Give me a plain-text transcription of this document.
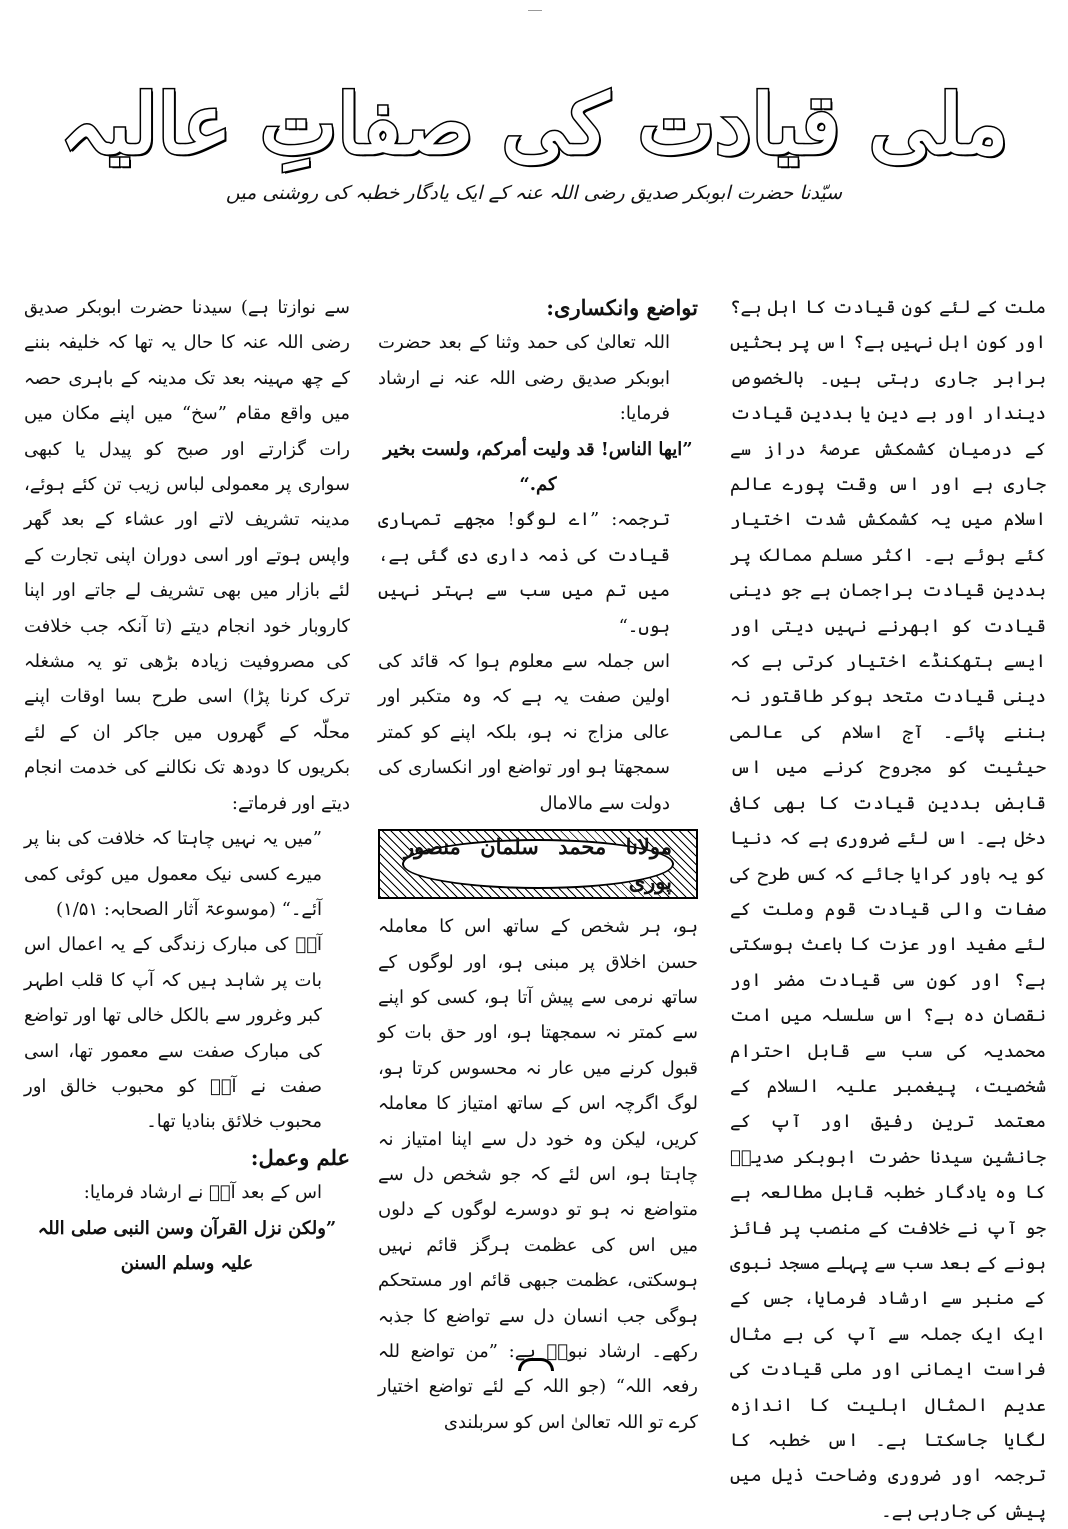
ملی قیادت کی صفاتِ عالیہ
سیّدنا حضرت ابوبکر صدیق رضی اللہ عنہ کے ایک یادگار خطبہ کی روشنی میں

ملت کے لئے کون قیادت کا اہل ہے؟ اور کون اہل نہیں ہے؟ اس پر بحثیں برابر جاری رہتی ہیں۔ بالخصوص دیندار اور بے دین یا بددین قیادت کے درمیان کشمکش عرصۂ دراز سے جاری ہے اور اس وقت پورے عالم اسلام میں یہ کشمکش شدت اختیار کئے ہوئے ہے۔ اکثر مسلم ممالک پر بددین قیادت براجمان ہے جو دینی قیادت کو ابھرنے نہیں دیتی اور ایسے ہتھکنڈے اختیار کرتی ہے کہ دینی قیادت متحد ہوکر طاقتور نہ بننے پائے۔ آج اسلام کی عالمی حیثیت کو مجروح کرنے میں اس قابض بددین قیادت کا بھی کافی دخل ہے۔ اس لئے ضروری ہے کہ دنیا کو یہ باور کرایا جائے کہ کس طرح کی صفات والی قیادت قوم وملت کے لئے مفید اور عزت کا باعث ہوسکتی ہے؟ اور کون سی قیادت مضر اور نقصان دہ ہے؟ اس سلسلہ میں امت محمدیہ کی سب سے قابل احترام شخصیت، پیغمبر علیہ السلام کے معتمد ترین رفیق اور آپ کے جانشین سیدنا حضرت ابوبکر صدیقؓ کا وہ یادگار خطبہ قابل مطالعہ ہے جو آپ نے خلافت کے منصب پر فائز ہونے کے بعد سب سے پہلے مسجد نبوی کے منبر سے ارشاد فرمایا، جس کے ایک ایک جملہ سے آپ کی بے مثال فراست ایمانی اور ملی قیادت کی عدیم المثال اہلیت کا اندازہ لگایا جاسکتا ہے۔ اس خطبہ کا ترجمہ اور ضروری وضاحت ذیل میں پیش کی جارہی ہے۔

تواضع وانکساری:
اللہ تعالیٰ کی حمد وثنا کے بعد حضرت ابوبکر صدیق رضی اللہ عنہ نے ارشاد فرمایا:
”ایھا الناس! قد ولیت أمرکم، ولست بخیر کم.“
ترجمہ: ”اے لوگو! مجھے تمہاری قیادت کی ذمہ داری دی گئی ہے، میں تم میں سب سے بہتر نہیں ہوں۔“
اس جملہ سے معلوم ہوا کہ قائد کی اولین صفت یہ ہے کہ وہ متکبر اور عالی مزاج نہ ہو، بلکہ اپنے کو کمتر سمجھتا ہو اور تواضع اور انکساری کی دولت سے مالامال
مولانا محمد سلمان منصور پوری

ہو، ہر شخص کے ساتھ اس کا معاملہ حسن اخلاق پر مبنی ہو، اور لوگوں کے ساتھ نرمی سے پیش آتا ہو، کسی کو اپنے سے کمتر نہ سمجھتا ہو، اور حق بات کو قبول کرنے میں عار نہ محسوس کرتا ہو، لوگ اگرچہ اس کے ساتھ امتیاز کا معاملہ کریں، لیکن وہ خود دل سے اپنا امتیاز نہ چاہتا ہو، اس لئے کہ جو شخص دل سے متواضع نہ ہو تو دوسرے لوگوں کے دلوں میں اس کی عظمت ہرگز قائم نہیں ہوسکتی، عظمت جبھی قائم اور مستحکم ہوگی جب انسان دل سے تواضع کا جذبہ رکھے۔ ارشاد نبویؐ ہے: ”من تواضع للہ رفعہ اللہ“ (جو اللہ کے لئے تواضع اختیار کرے تو اللہ تعالیٰ اس کو سربلندی

سے نوازتا ہے) سیدنا حضرت ابوبکر صدیق رضی اللہ عنہ کا حال یہ تھا کہ خلیفہ بننے کے چھ مہینہ بعد تک مدینہ کے باہری حصہ میں واقع مقام ”سخ“ میں اپنے مکان میں رات گزارتے اور صبح کو پیدل یا کبھی سواری پر معمولی لباس زیب تن کئے ہوئے، مدینہ تشریف لاتے اور عشاء کے بعد گھر واپس ہوتے اور اسی دوران اپنی تجارت کے لئے بازار میں بھی تشریف لے جاتے اور اپنا کاروبار خود انجام دیتے (تا آنکہ جب خلافت کی مصروفیت زیادہ بڑھی تو یہ مشغلہ ترک کرنا پڑا) اسی طرح بسا اوقات اپنے محلّہ کے گھروں میں جاکر ان کے لئے بکریوں کا دودھ تک نکالنے کی خدمت انجام دیتے اور فرماتے:

”میں یہ نہیں چاہتا کہ خلافت کی بنا پر میرے کسی نیک معمول میں کوئی کمی آئے۔“ (موسوعۃ آثار الصحابہ: ۱/۵۱)
آپؓ کی مبارک زندگی کے یہ اعمال اس بات پر شاہد ہیں کہ آپ کا قلب اطہر کبر وغرور سے بالکل خالی تھا اور تواضع کی مبارک صفت سے معمور تھا، اسی صفت نے آپؓ کو محبوب خالق اور محبوب خلائق بنادیا تھا۔
علم وعمل:
اس کے بعد آپؓ نے ارشاد فرمایا:
”ولکن نزل القرآن وسن النبی صلی اللہ علیہ وسلم السنن
